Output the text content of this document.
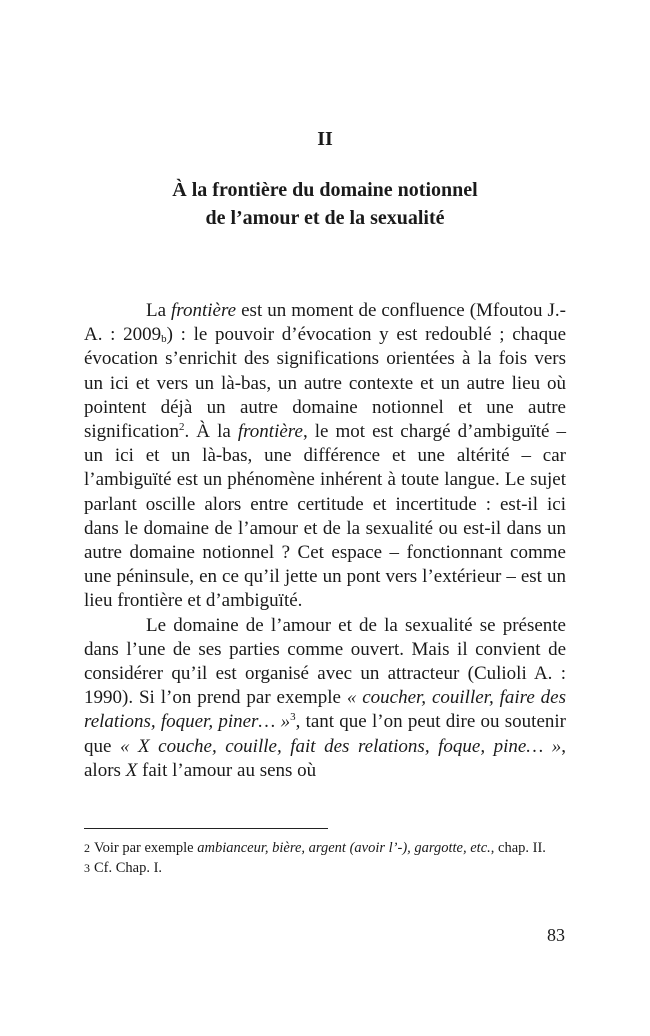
II
À la frontière du domaine notionnel
de l’amour et de la sexualité

La frontière est un moment de confluence (Mfoutou J.-A. : $2009_b$) : le pouvoir d’évocation y est redoublé ; chaque évocation s’enrichit des significations orientées à la fois vers un ici et vers un là-bas, un autre contexte et un autre lieu où pointent déjà un autre domaine notionnel et une autre signification$^2$. À la frontière, le mot est chargé d’ambiguïté – un ici et un là-bas, une différence et une altérité – car l’ambiguïté est un phénomène inhérent à toute langue. Le sujet parlant oscille alors entre certitude et incertitude : est-il ici dans le domaine de l’amour et de la sexualité ou est-il dans un autre domaine notionnel ? Cet espace – fonctionnant comme une péninsule, en ce qu’il jette un pont vers l’extérieur – est un lieu frontière et d’ambiguïté.

Le domaine de l’amour et de la sexualité se présente dans l’une de ses parties comme ouvert. Mais il convient de considérer qu’il est organisé avec un attracteur (Culioli A. : 1990). Si l’on prend par exemple « coucher, couiller, faire des relations, foquer, piner… »$^3$, tant que l’on peut dire ou soutenir que « X couche, couille, fait des relations, foque, pine… », alors X fait l’amour au sens où

2 Voir par exemple ambianceur, bière, argent (avoir l’-), gargotte, etc., chap. II.

3 Cf. Chap. I.

83
